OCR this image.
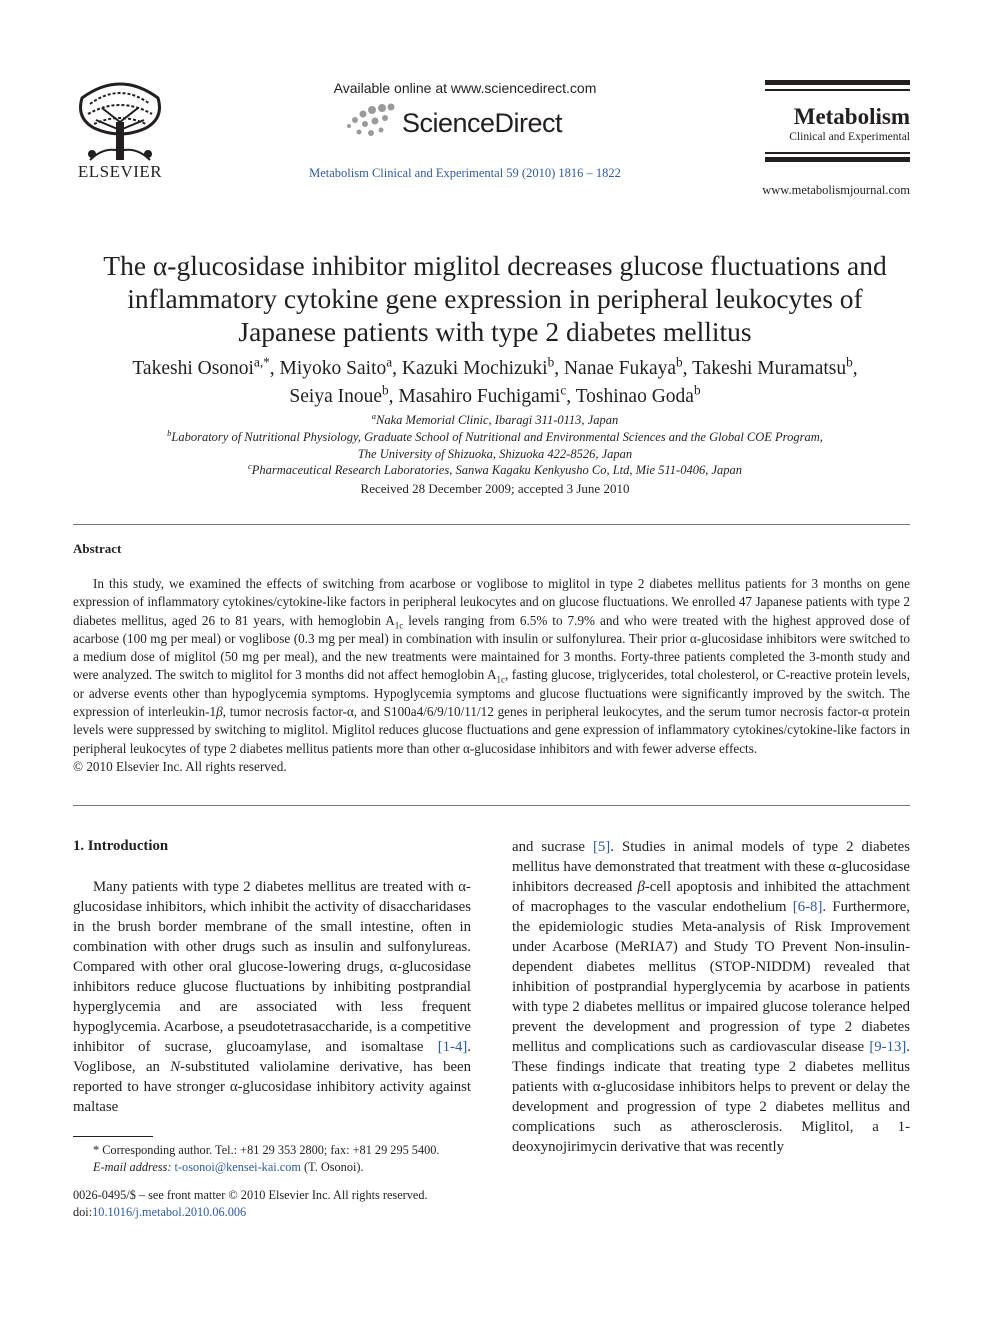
ELSEVIER
Available online at www.sciencedirect.com
ScienceDirect
Metabolism Clinical and Experimental 59 (2010) 1816 – 1822
Metabolism
Clinical and Experimental
www.metabolismjournal.com
The α-glucosidase inhibitor miglitol decreases glucose fluctuations and
inflammatory cytokine gene expression in peripheral leukocytes of
Japanese patients with type 2 diabetes mellitus
Takeshi Osonoi$^{a,*}$, Miyoko Saito$^a$, Kazuki Mochizuki$^b$, Nanae Fukaya$^b$, Takeshi Muramatsu$^b$,
Seiya Inoue$^b$, Masahiro Fuchigami$^c$, Toshinao Goda$^b$
$^a$Naka Memorial Clinic, Ibaragi 311-0113, Japan
$^b$Laboratory of Nutritional Physiology, Graduate School of Nutritional and Environmental Sciences and the Global COE Program,
The University of Shizuoka, Shizuoka 422-8526, Japan
$^c$Pharmaceutical Research Laboratories, Sanwa Kagaku Kenkyusho Co, Ltd, Mie 511-0406, Japan
Received 28 December 2009; accepted 3 June 2010
Abstract

In this study, we examined the effects of switching from acarbose or voglibose to miglitol in type 2 diabetes mellitus patients for 3 months on gene expression of inflammatory cytokines/cytokine-like factors in peripheral leukocytes and on glucose fluctuations. We enrolled 47 Japanese patients with type 2 diabetes mellitus, aged 26 to 81 years, with hemoglobin $A_{1c}$ levels ranging from 6.5% to 7.9% and who were treated with the highest approved dose of acarbose (100 mg per meal) or voglibose (0.3 mg per meal) in combination with insulin or sulfonylurea. Their prior α-glucosidase inhibitors were switched to a medium dose of miglitol (50 mg per meal), and the new treatments were maintained for 3 months. Forty-three patients completed the 3-month study and were analyzed. The switch to miglitol for 3 months did not affect hemoglobin $A_{1c}$, fasting glucose, triglycerides, total cholesterol, or C-reactive protein levels, or adverse events other than hypoglycemia symptoms. Hypoglycemia symptoms and glucose fluctuations were significantly improved by the switch. The expression of interleukin-1β, tumor necrosis factor-α, and S100a4/6/9/10/11/12 genes in peripheral leukocytes, and the serum tumor necrosis factor-α protein levels were suppressed by switching to miglitol. Miglitol reduces glucose fluctuations and gene expression of inflammatory cytokines/cytokine-like factors in peripheral leukocytes of type 2 diabetes mellitus patients more than other α-glucosidase inhibitors and with fewer adverse effects.

© 2010 Elsevier Inc. All rights reserved.

1. Introduction

Many patients with type 2 diabetes mellitus are treated with α-glucosidase inhibitors, which inhibit the activity of disaccharidases in the brush border membrane of the small intestine, often in combination with other drugs such as insulin and sulfonylureas. Compared with other oral glucose-lowering drugs, α-glucosidase inhibitors reduce glucose fluctuations by inhibiting postprandial hyperglycemia and are associated with less frequent hypoglycemia. Acarbose, a pseudotetrasaccharide, is a competitive inhibitor of sucrase, glucoamylase, and isomaltase [1-4]. Voglibose, an N-substituted valiolamine derivative, has been reported to have stronger α-glucosidase inhibitory activity against maltase

and sucrase [5]. Studies in animal models of type 2 diabetes mellitus have demonstrated that treatment with these α-glucosidase inhibitors decreased β-cell apoptosis and inhibited the attachment of macrophages to the vascular endothelium [6-8]. Furthermore, the epidemiologic studies Meta-analysis of Risk Improvement under Acarbose (MeRIA7) and Study TO Prevent Non-insulin-dependent diabetes mellitus (STOP-NIDDM) revealed that inhibition of postprandial hyperglycemia by acarbose in patients with type 2 diabetes mellitus or impaired glucose tolerance helped prevent the development and progression of type 2 diabetes mellitus and complications such as cardiovascular disease [9-13]. These findings indicate that treating type 2 diabetes mellitus patients with α-glucosidase inhibitors helps to prevent or delay the development and progression of type 2 diabetes mellitus and complications such as atherosclerosis. Miglitol, a 1-deoxynojirimycin derivative that was recently

* Corresponding author. Tel.: +81 29 353 2800; fax: +81 29 295 5400.

E-mail address: t-osonoi@kensei-kai.com (T. Osonoi).

0026-0495/$ – see front matter © 2010 Elsevier Inc. All rights reserved.

doi:10.1016/j.metabol.2010.06.006
